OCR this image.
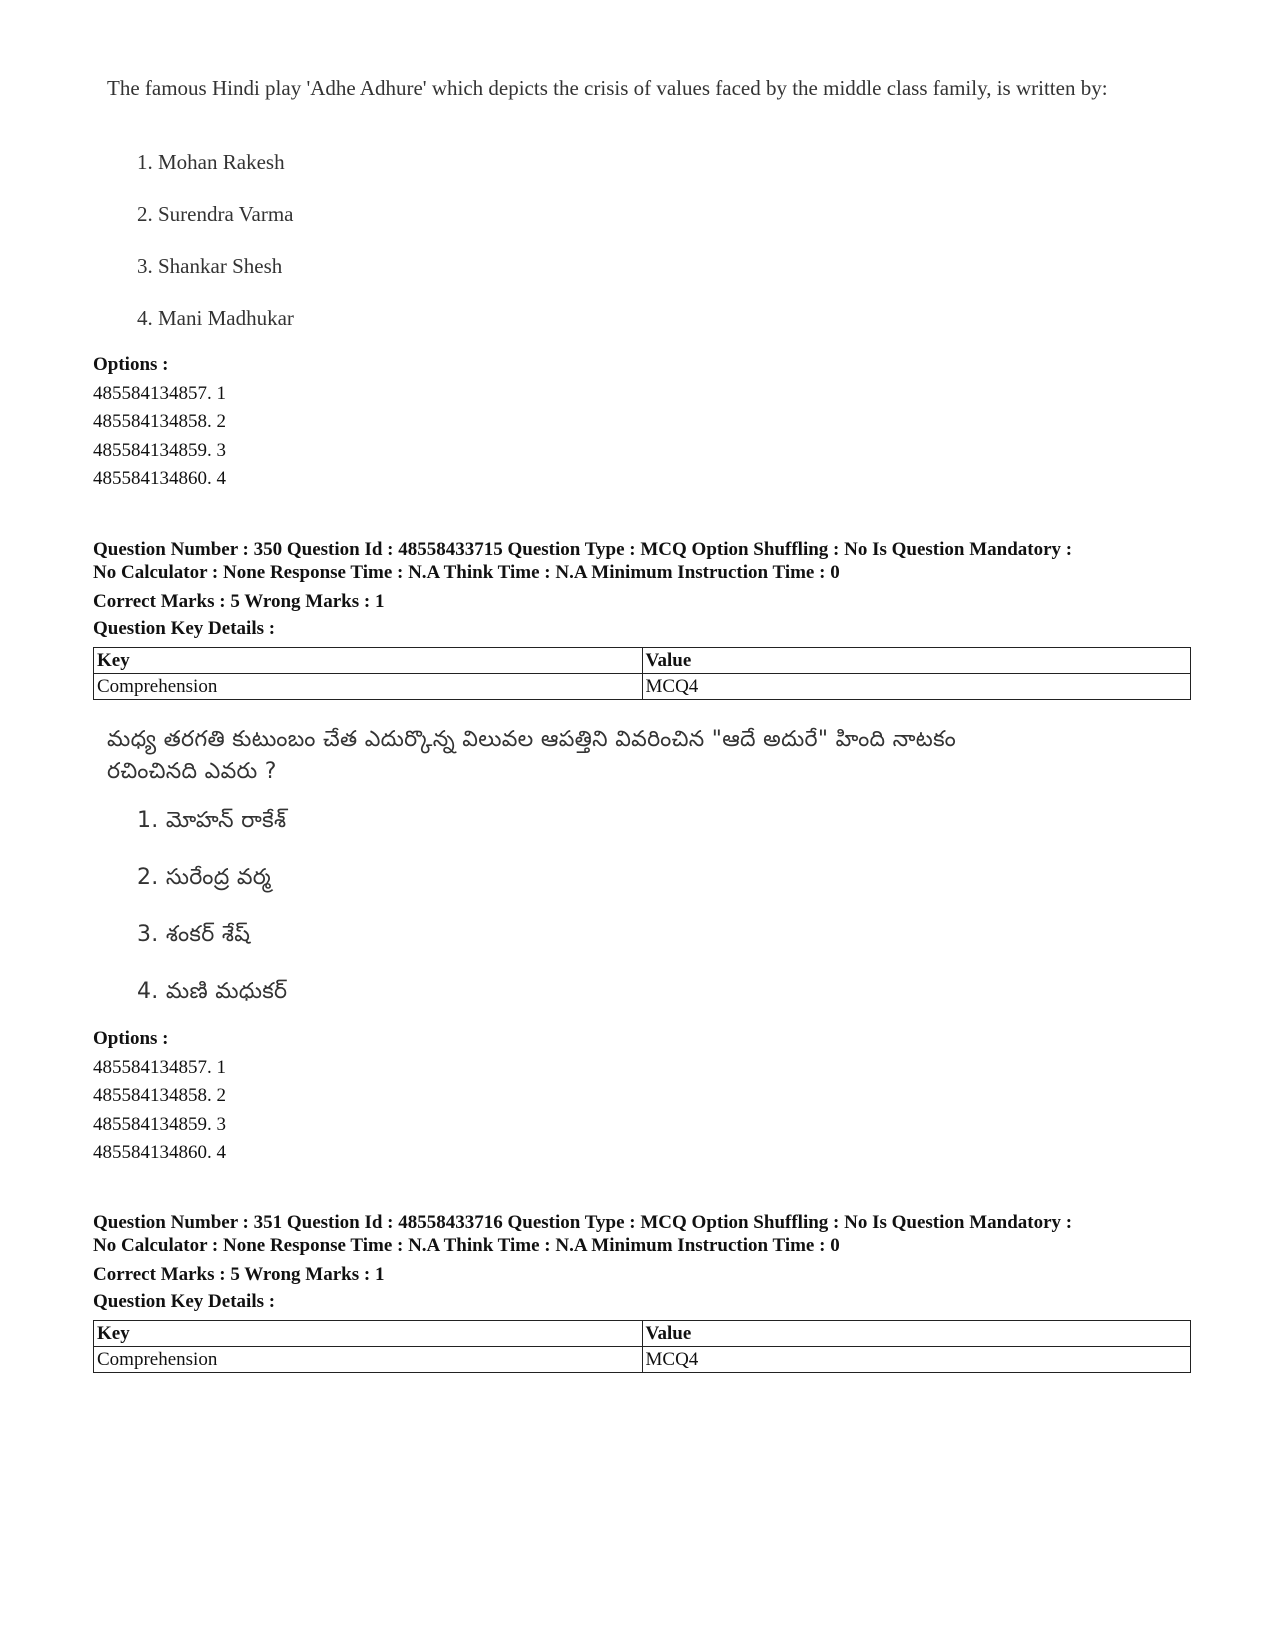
The famous Hindi play 'Adhe Adhure' which depicts the crisis of values faced by the middle class family, is written by:

1. Mohan Rakesh
2. Surendra Varma
3. Shankar Shesh
4. Mani Madhukar
Options :
485584134857. 1
485584134858. 2
485584134859. 3
485584134860. 4
Question Number : 350 Question Id : 48558433715 Question Type : MCQ Option Shuffling : No Is Question Mandatory :
No Calculator : None Response Time : N.A Think Time : N.A Minimum Instruction Time : 0
Correct Marks : 5 Wrong Marks : 1
Question Key Details :
Key	Value
Comprehension	MCQ4

మధ్య తరగతి కుటుంబం చేత ఎదుర్కొన్న విలువల ఆపత్తిని వివరించిన "ఆదే అదురే" హింది నాటకం

రచించినది ఎవరు ?

1. మోహన్ రాకేశ్
2. సురేంద్ర వర్మ
3. శంకర్ శేష్
4. మణి మధుకర్
Options :
485584134857. 1
485584134858. 2
485584134859. 3
485584134860. 4
Question Number : 351 Question Id : 48558433716 Question Type : MCQ Option Shuffling : No Is Question Mandatory :
No Calculator : None Response Time : N.A Think Time : N.A Minimum Instruction Time : 0
Correct Marks : 5 Wrong Marks : 1
Question Key Details :
Key	Value
Comprehension	MCQ4
